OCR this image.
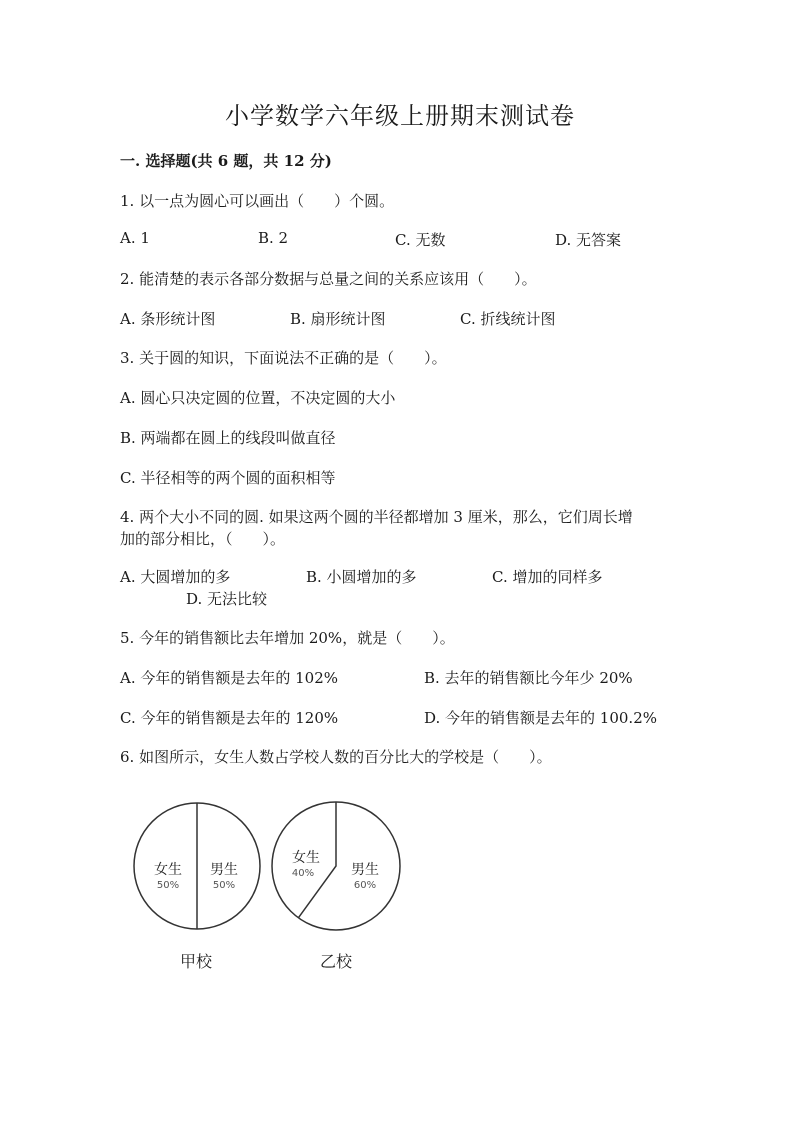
小学数学六年级上册期末测试卷
一. 选择题(共 6 题，共 12 分)
1. 以一点为圆心可以画出（　　）个圆。
A. 1	B. 2	C. 无数	D. 无答案
2. 能清楚的表示各部分数据与总量之间的关系应该用（　　）。
A. 条形统计图	B. 扇形统计图	C. 折线统计图
3. 关于圆的知识，下面说法不正确的是（　　）。
A. 圆心只决定圆的位置，不决定圆的大小
B. 两端都在圆上的线段叫做直径
C. 半径相等的两个圆的面积相等
4. 两个大小不同的圆. 如果这两个圆的半径都增加 3 厘米，那么，它们周长增
加的部分相比，（　　）。
A. 大圆增加的多	B. 小圆增加的多	C. 增加的同样多
D. 无法比较
5. 今年的销售额比去年增加 20%，就是（　　）。
A. 今年的销售额是去年的 102%	B. 去年的销售额比今年少 20%
C. 今年的销售额是去年的 120%	D. 今年的销售额是去年的 100.2%
6. 如图所示，女生人数占学校人数的百分比大的学校是（　　）。
女生
50%
男生
50%
甲校
女生
40%	男生
60%
乙校
